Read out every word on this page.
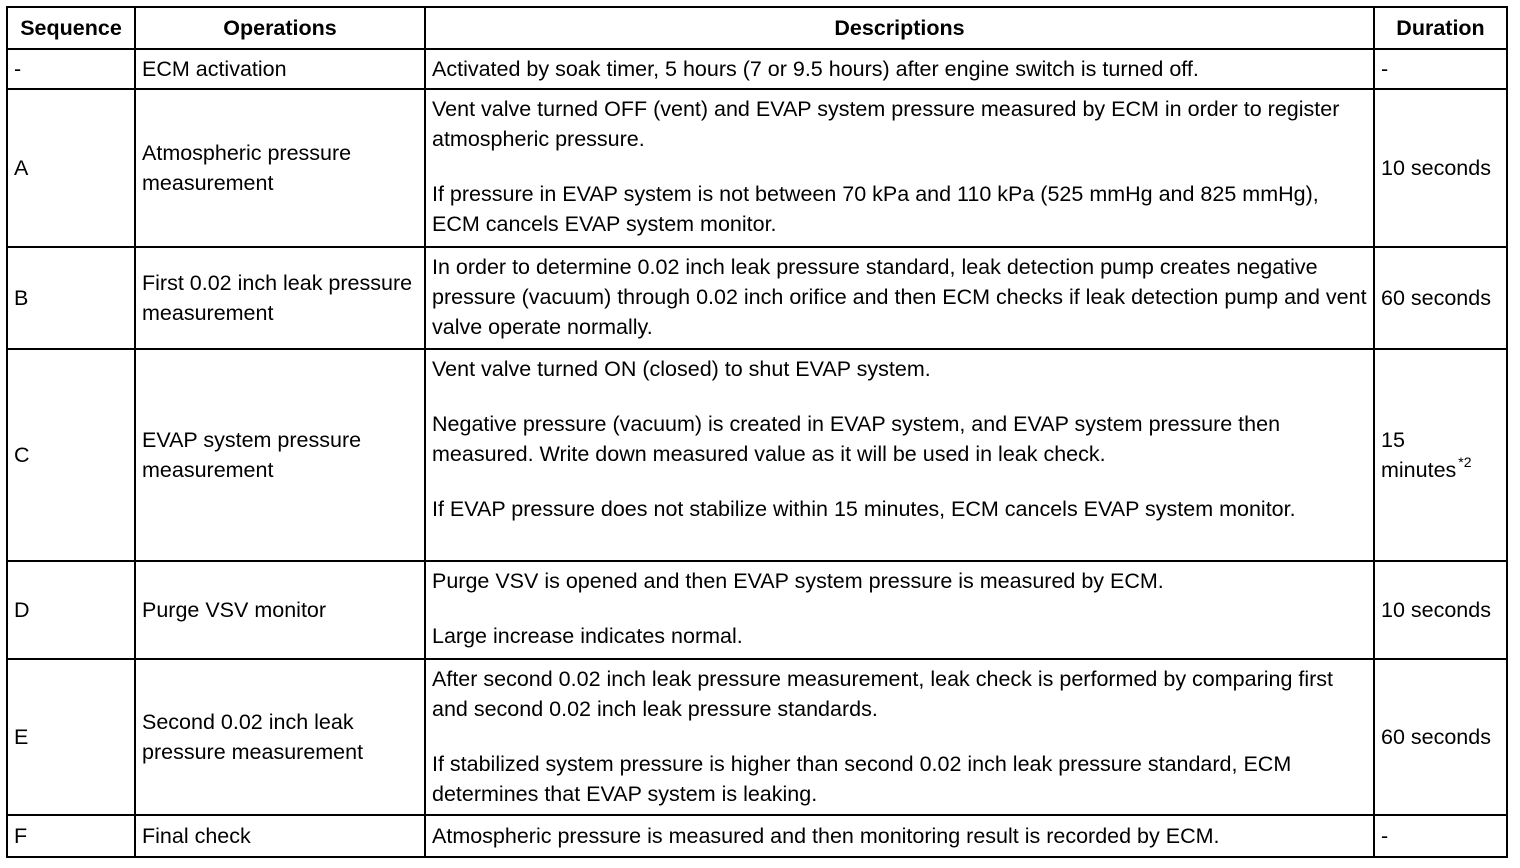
Sequence	Operations	Descriptions	Duration
-	ECM activation	Activated by soak timer, 5 hours (7 or 9.5 hours) after engine switch is turned off.	-
A	Atmospheric pressure measurement	Vent valve turned OFF (vent) and EVAP system pressure measured by ECM in order to register atmospheric pressure.

If pressure in EVAP system is not between 70 kPa and 110 kPa (525 mmHg and 825 mmHg), ECM cancels EVAP system monitor.	10 seconds
B	First 0.02 inch leak pressure measurement	In order to determine 0.02 inch leak pressure standard, leak detection pump creates negative pressure (vacuum) through 0.02 inch orifice and then ECM checks if leak detection pump and vent valve operate normally.	60 seconds
C	EVAP system pressure measurement	Vent valve turned ON (closed) to shut EVAP system.

Negative pressure (vacuum) is created in EVAP system, and EVAP system pressure then measured. Write down measured value as it will be used in leak check.

If EVAP pressure does not stabilize within 15 minutes, ECM cancels EVAP system monitor.	15 minutes $^{*2}$
D	Purge VSV monitor	Purge VSV is opened and then EVAP system pressure is measured by ECM.

Large increase indicates normal.	10 seconds
E	Second 0.02 inch leak pressure measurement	After second 0.02 inch leak pressure measurement, leak check is performed by comparing first and second 0.02 inch leak pressure standards.

If stabilized system pressure is higher than second 0.02 inch leak pressure standard, ECM determines that EVAP system is leaking.	60 seconds
F	Final check	Atmospheric pressure is measured and then monitoring result is recorded by ECM.	-
